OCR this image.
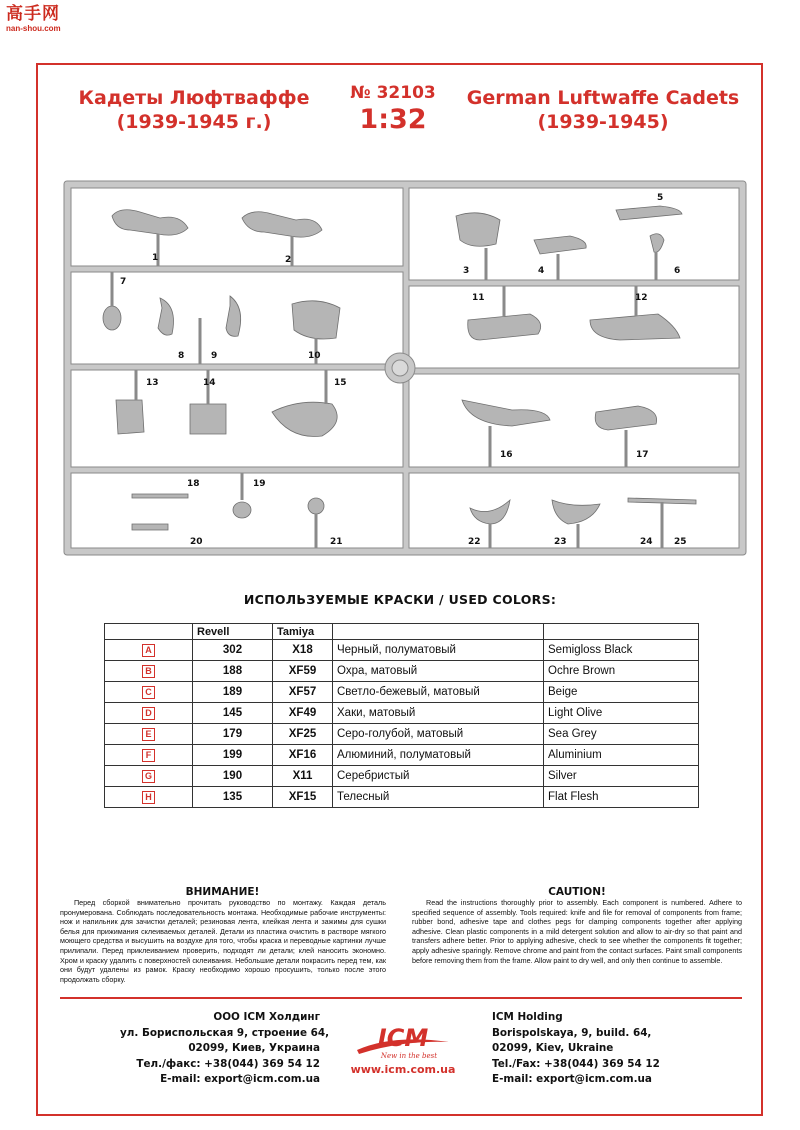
高手网
nan-shou.com
Кадеты Люфтваффе
(1939-1945 г.)
№ 32103
1:32
German Luftwaffe Cadets
(1939-1945)
1	2
3	4
5
6
7
8	9	10
11	12
13	14	15
16	17
18	19
20	21	22	23	24 25
ИСПОЛЬЗУЕМЫЕ КРАСКИ / USED COLORS:
	Revell	Tamiya		
A	302	X18	Черный, полуматовый	Semigloss Black
B	188	XF59	Охра, матовый	Ochre Brown
C	189	XF57	Светло-бежевый, матовый	Beige
D	145	XF49	Хаки, матовый	Light Olive
E	179	XF25	Серо-голубой, матовый	Sea Grey
F	199	XF16	Алюминий, полуматовый	Aluminium
G	190	X11	Серебристый	Silver
H	135	XF15	Телесный	Flat Flesh
ВНИМАНИЕ!
Перед сборкой внимательно прочитать руководство по монтажу. Каждая деталь пронумерована. Соблюдать последовательность монтажа. Необходимые рабочие инструменты: нож и напильник для зачистки деталей; резиновая лента, клейкая лента и зажимы для сушки белья для прижимания склеиваемых деталей. Детали из пластика очистить в растворе мягкого моющего средства и высушить на воздухе для того, чтобы краска и переводные картинки лучше прилипали. Перед приклеиванием проверить, подходят ли детали; клей наносить экономно. Хром и краску удалить с поверхностей склеивания. Небольшие детали покрасить перед тем, как они будут удалены из рамок. Краску необходимо хорошо просушить, только после этого продолжать сборку.
CAUTION!
Read the instructions thoroughly prior to assembly. Each component is numbered. Adhere to specified sequence of assembly. Tools required: knife and file for removal of components from frame; rubber bond, adhesive tape and clothes pegs for clamping components together after applying adhesive. Clean plastic components in a mild detergent solution and allow to air-dry so that paint and transfers adhere better. Prior to applying adhesive, check to see whether the components fit together; apply adhesive sparingly. Remove chrome and paint from the contact surfaces. Paint small components before removing them from the frame. Allow paint to dry well, and only then continue to assemble.
ООО ICM Холдинг
ул. Бориспольская 9, строение 64,
02099, Киев, Украина
Тел./факс: +38(044) 369 54 12
E-mail: export@icm.com.ua
ICM
New in the best
www.icm.com.ua
ICM Holding
Borispolskaya, 9, build. 64,
02099, Kiev, Ukraine
Tel./Fax: +38(044) 369 54 12
E-mail: export@icm.com.ua
